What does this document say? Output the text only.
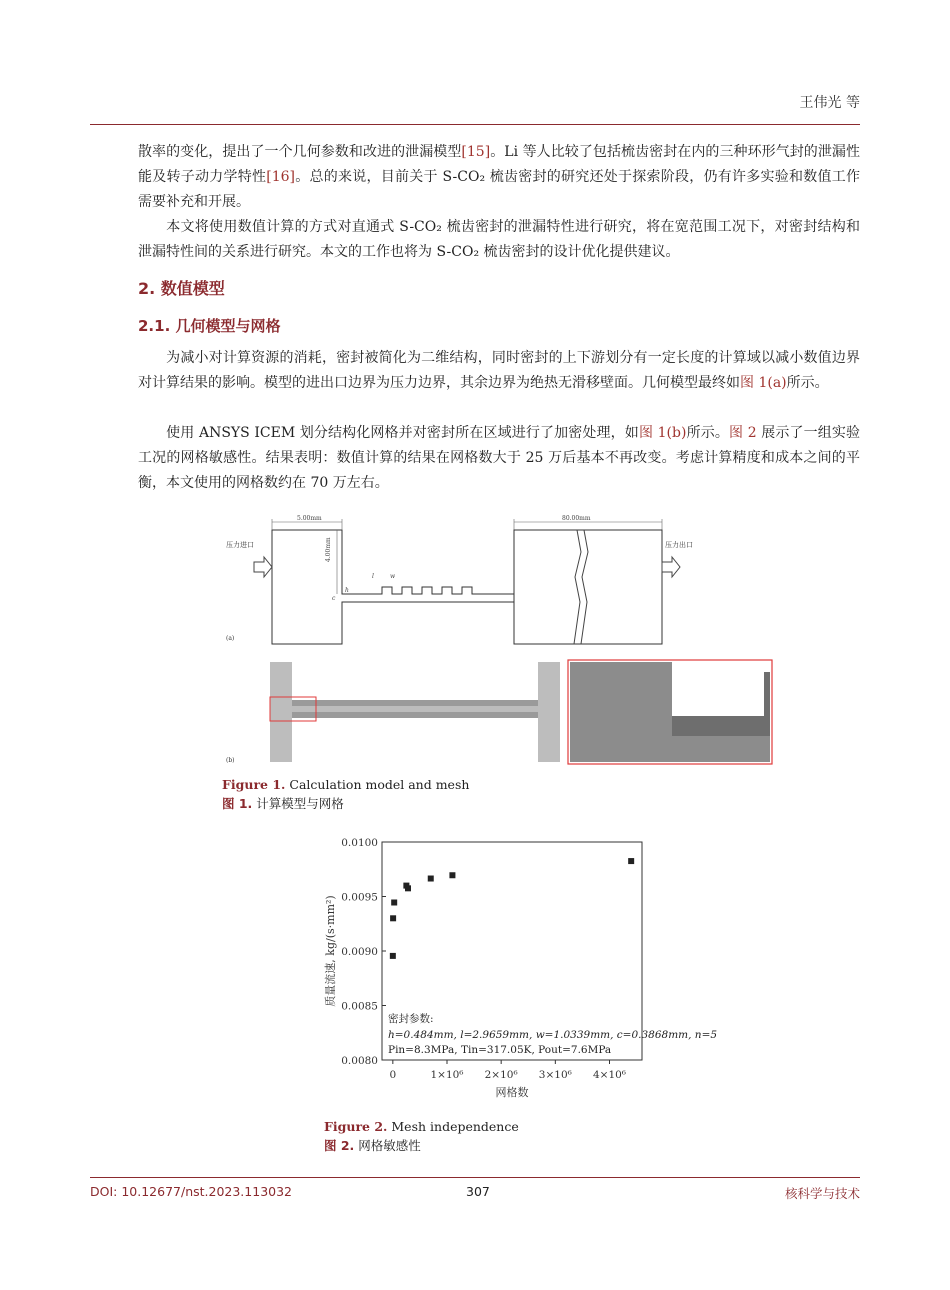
王伟光 等
散率的变化，提出了一个几何参数和改进的泄漏模型[15]。Li 等人比较了包括梳齿密封在内的三种环形气封的泄漏性能及转子动力学特性[16]。总的来说，目前关于 S-CO₂ 梳齿密封的研究还处于探索阶段，仍有许多实验和数值工作需要补充和开展。
本文将使用数值计算的方式对直通式 S-CO₂ 梳齿密封的泄漏特性进行研究，将在宽范围工况下，对密封结构和泄漏特性间的关系进行研究。本文的工作也将为 S-CO₂ 梳齿密封的设计优化提供建议。
2. 数值模型
2.1. 几何模型与网格
为减小对计算资源的消耗，密封被简化为二维结构，同时密封的上下游划分有一定长度的计算域以减小数值边界对计算结果的影响。模型的进出口边界为压力边界，其余边界为绝热无滑移壁面。几何模型最终如图 1(a)所示。
使用 ANSYS ICEM 划分结构化网格并对密封所在区域进行了加密处理，如图 1(b)所示。图 2 展示了一组实验工况的网格敏感性。结果表明：数值计算的结果在网格数大于 25 万后基本不再改变。考虑计算精度和成本之间的平衡，本文使用的网格数约在 70 万左右。
5.00mm	80.00mm
4.00mm
l	w
h
c
压力进口	压力出口
(a)
(b)
Figure 1. Calculation model and mesh
图 1. 计算模型与网格
0.0080
0.0085
0.0090
0.0095
0.0100
0	1×10⁶ 2×10⁶ 3×10⁶ 4×10⁶
质量流速, kg/(s·mm²)
网格数
密封参数:
h=0.484mm, l=2.9659mm, w=1.0339mm, c=0.3868mm, n=5
Pin=8.3MPa, Tin=317.05K, Pout=7.6MPa
Figure 2. Mesh independence
图 2. 网格敏感性
DOI: 10.12677/nst.2023.113032	307	核科学与技术
